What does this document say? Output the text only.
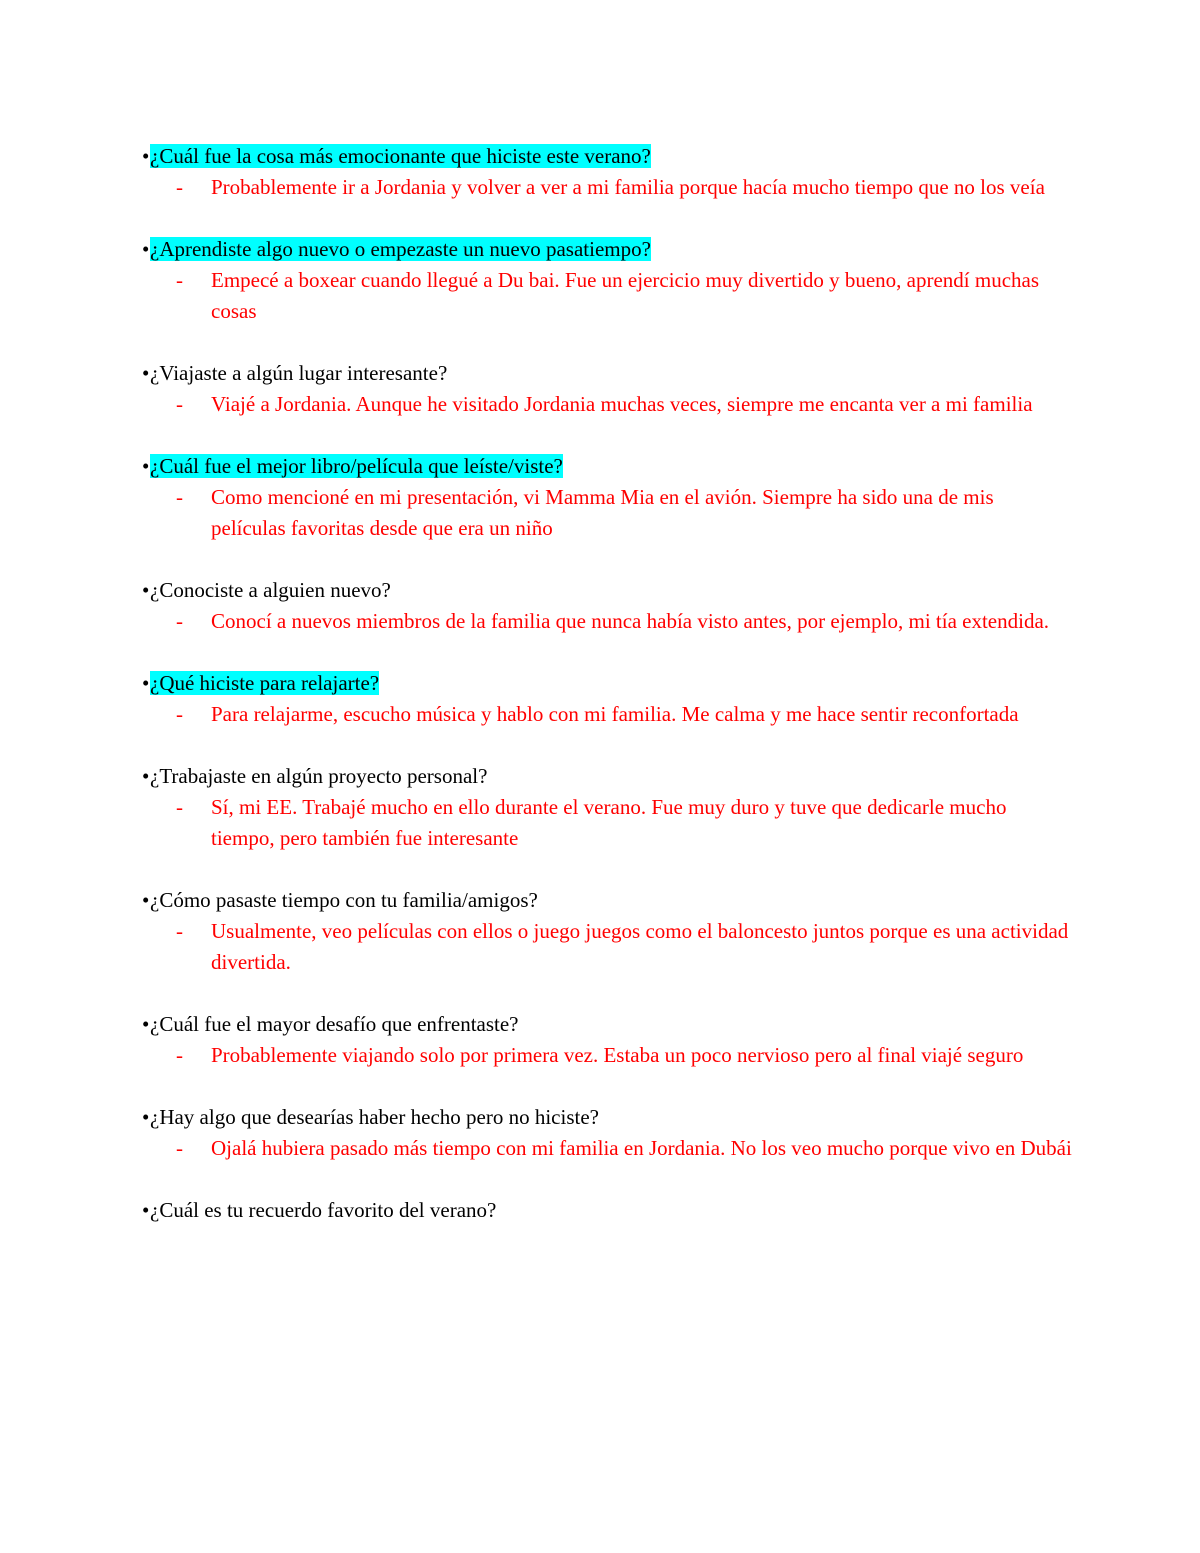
•¿Cuál fue la cosa más emocionante que hiciste este verano?

- Probablemente ir a Jordania y volver a ver a mi familia porque hacía mucho tiempo que no los veía

•¿Aprendiste algo nuevo o empezaste un nuevo pasatiempo?

- Empecé a boxear cuando llegué a Du bai. Fue un ejercicio muy divertido y bueno, aprendí muchas cosas

•¿Viajaste a algún lugar interesante?

- Viajé a Jordania. Aunque he visitado Jordania muchas veces, siempre me encanta ver a mi familia

•¿Cuál fue el mejor libro/película que leíste/viste?

- Como mencioné en mi presentación, vi Mamma Mia en el avión. Siempre ha sido una de mis películas favoritas desde que era un niño

•¿Conociste a alguien nuevo?

- Conocí a nuevos miembros de la familia que nunca había visto antes, por ejemplo, mi tía extendida.

•¿Qué hiciste para relajarte?

- Para relajarme, escucho música y hablo con mi familia. Me calma y me hace sentir reconfortada

•¿Trabajaste en algún proyecto personal?

- Sí, mi EE. Trabajé mucho en ello durante el verano. Fue muy duro y tuve que dedicarle mucho tiempo, pero también fue interesante

•¿Cómo pasaste tiempo con tu familia/amigos?

- Usualmente, veo películas con ellos o juego juegos como el baloncesto juntos porque es una actividad divertida.

•¿Cuál fue el mayor desafío que enfrentaste?

- Probablemente viajando solo por primera vez. Estaba un poco nervioso pero al final viajé seguro

•¿Hay algo que desearías haber hecho pero no hiciste?

- Ojalá hubiera pasado más tiempo con mi familia en Jordania. No los veo mucho porque vivo en Dubái

•¿Cuál es tu recuerdo favorito del verano?
